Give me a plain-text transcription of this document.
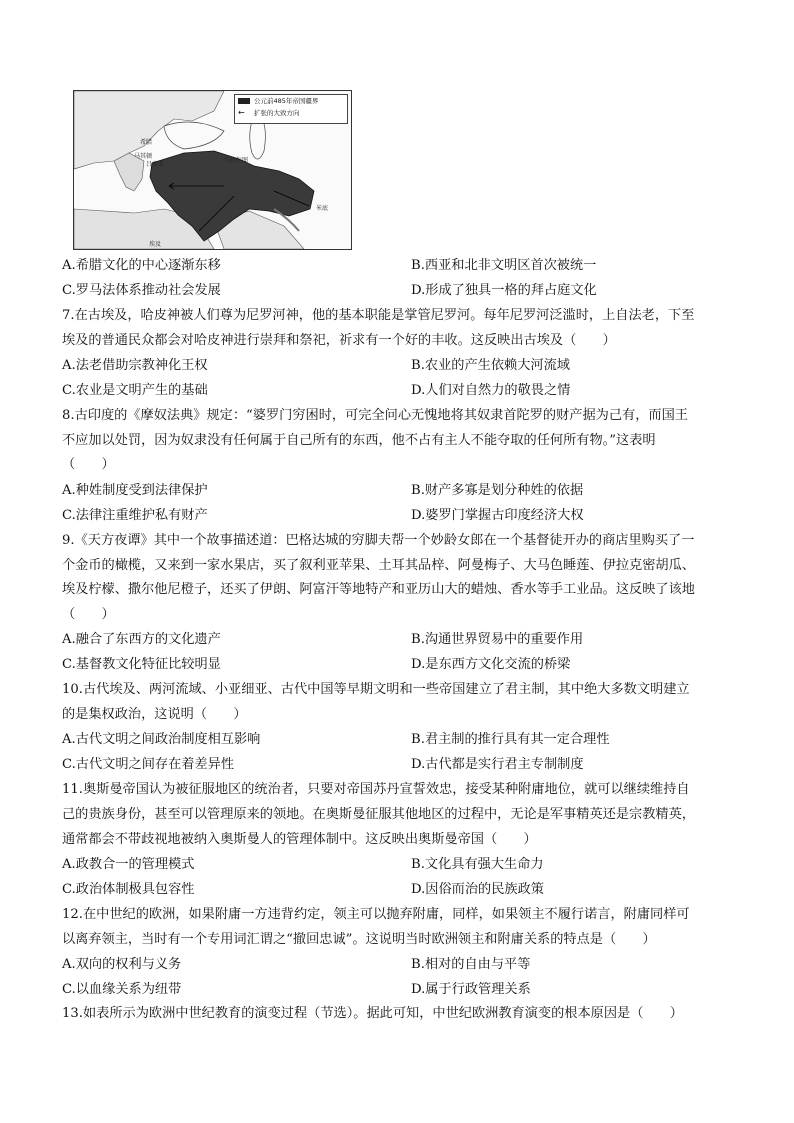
公元前485年帝国疆界
←	扩张的大致方向
希腊
马其顿
吕底亚
乌拉尔图
埃及
米底
A.希腊文化的中心逐渐东移	B.西亚和北非文明区首次被统一
C.罗马法体系推动社会发展	D.形成了独具一格的拜占庭文化
7.在古埃及，哈皮神被人们尊为尼罗河神，他的基本职能是掌管尼罗河。每年尼罗河泛滥时，上自法老，下至
埃及的普通民众都会对哈皮神进行崇拜和祭祀，祈求有一个好的丰收。这反映出古埃及（　　）
A.法老借助宗教神化王权	B.农业的产生依赖大河流域
C.农业是文明产生的基础	D.人们对自然力的敬畏之情
8.古印度的《摩奴法典》规定：“婆罗门穷困时，可完全问心无愧地将其奴隶首陀罗的财产据为己有，而国王
不应加以处罚，因为奴隶没有任何属于自己所有的东西，他不占有主人不能夺取的任何所有物。”这表明
（　　）
A.种姓制度受到法律保护	B.财产多寡是划分种姓的依据
C.法律注重维护私有财产	D.婆罗门掌握古印度经济大权
9.《天方夜谭》其中一个故事描述道：巴格达城的穷脚夫帮一个妙龄女郎在一个基督徒开办的商店里购买了一
个金币的橄榄，又来到一家水果店，买了叙利亚苹果、土耳其品梓、阿曼梅子、大马色睡莲、伊拉克密胡瓜、
埃及柠檬、撒尔他尼橙子，还买了伊朗、阿富汗等地特产和亚历山大的蜡烛、香水等手工业品。这反映了该地
（　　）
A.融合了东西方的文化遗产	B.沟通世界贸易中的重要作用
C.基督教文化特征比较明显	D.是东西方文化交流的桥梁
10.古代埃及、两河流域、小亚细亚、古代中国等早期文明和一些帝国建立了君主制，其中绝大多数文明建立
的是集权政治，这说明（　　）
A.古代文明之间政治制度相互影响	B.君主制的推行具有其一定合理性
C.古代文明之间存在着差异性	D.古代都是实行君主专制制度
11.奥斯曼帝国认为被征服地区的统治者，只要对帝国苏丹宣誓效忠，接受某种附庸地位，就可以继续维持自
己的贵族身份，甚至可以管理原来的领地。在奥斯曼征服其他地区的过程中，无论是军事精英还是宗教精英，
通常都会不带歧视地被纳入奥斯曼人的管理体制中。这反映出奥斯曼帝国（　　）
A.政教合一的管理模式	B.文化具有强大生命力
C.政治体制极具包容性	D.因俗而治的民族政策
12.在中世纪的欧洲，如果附庸一方违背约定，领主可以抛弃附庸，同样，如果领主不履行诺言，附庸同样可
以离弃领主，当时有一个专用词汇谓之“撤回忠诚”。这说明当时欧洲领主和附庸关系的特点是（　　）
A.双向的权利与义务	B.相对的自由与平等
C.以血缘关系为纽带	D.属于行政管理关系
13.如表所示为欧洲中世纪教育的演变过程（节选）。据此可知，中世纪欧洲教育演变的根本原因是（　　）
